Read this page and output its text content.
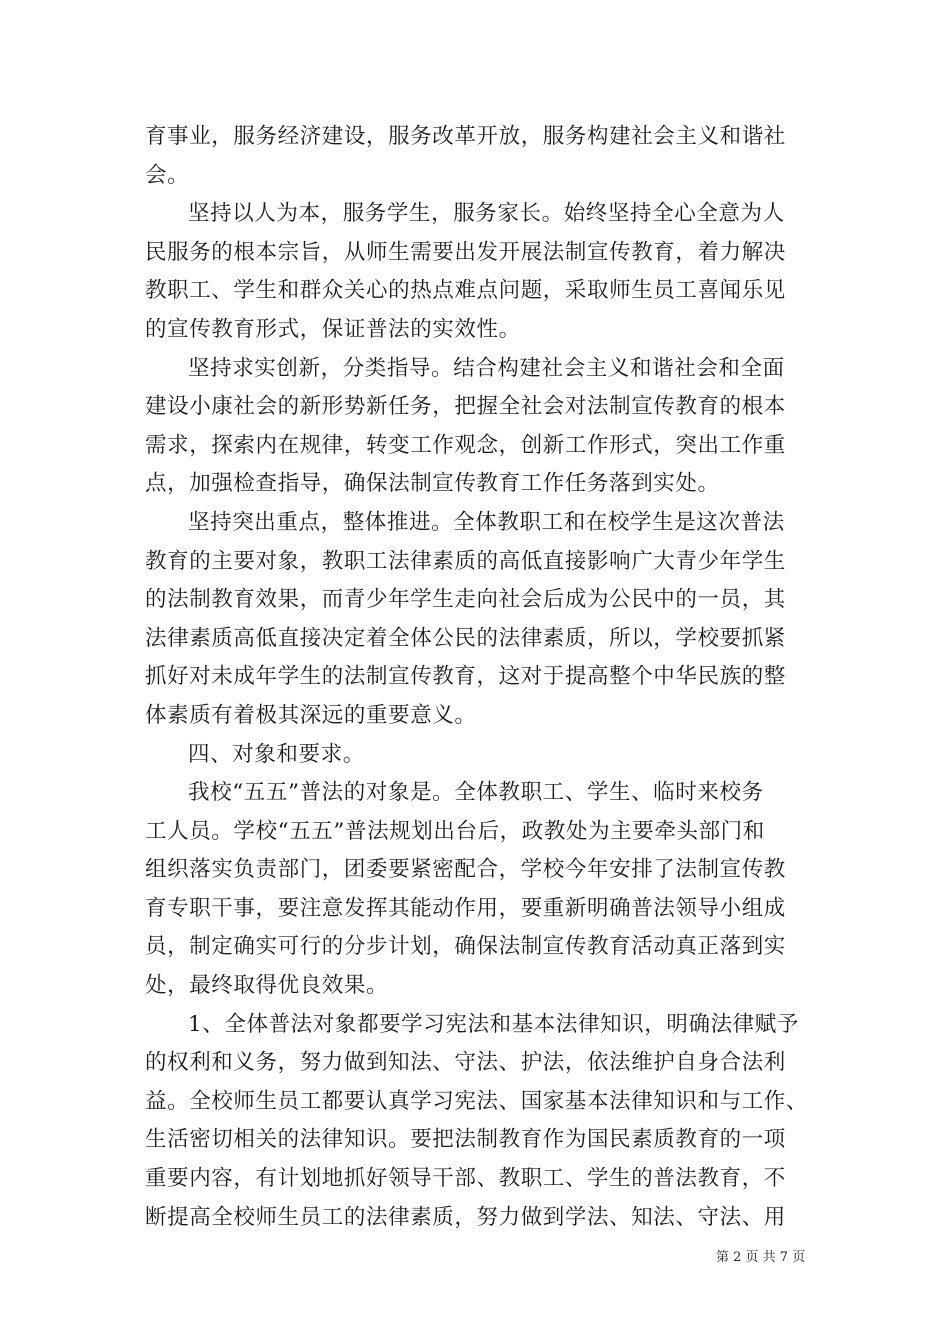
育事业，服务经济建设，服务改革开放，服务构建社会主义和谐社
会。
坚持以人为本，服务学生，服务家长。始终坚持全心全意为人
民服务的根本宗旨，从师生需要出发开展法制宣传教育，着力解决
教职工、学生和群众关心的热点难点问题，采取师生员工喜闻乐见
的宣传教育形式，保证普法的实效性。
坚持求实创新，分类指导。结合构建社会主义和谐社会和全面
建设小康社会的新形势新任务，把握全社会对法制宣传教育的根本
需求，探索内在规律，转变工作观念，创新工作形式，突出工作重
点，加强检查指导，确保法制宣传教育工作任务落到实处。
坚持突出重点，整体推进。全体教职工和在校学生是这次普法
教育的主要对象，教职工法律素质的高低直接影响广大青少年学生
的法制教育效果，而青少年学生走向社会后成为公民中的一员，其
法律素质高低直接决定着全体公民的法律素质，所以，学校要抓紧
抓好对未成年学生的法制宣传教育，这对于提高整个中华民族的整
体素质有着极其深远的重要意义。
四、对象和要求。
我校“五五”普法的对象是。全体教职工、学生、临时来校务
工人员。学校“五五”普法规划出台后，政教处为主要牵头部门和
组织落实负责部门，团委要紧密配合，学校今年安排了法制宣传教
育专职干事，要注意发挥其能动作用，要重新明确普法领导小组成
员，制定确实可行的分步计划，确保法制宣传教育活动真正落到实
处，最终取得优良效果。
1、全体普法对象都要学习宪法和基本法律知识，明确法律赋予
的权利和义务，努力做到知法、守法、护法，依法维护自身合法利
益。全校师生员工都要认真学习宪法、国家基本法律知识和与工作、
生活密切相关的法律知识。要把法制教育作为国民素质教育的一项
重要内容，有计划地抓好领导干部、教职工、学生的普法教育，不
断提高全校师生员工的法律素质，努力做到学法、知法、守法、用
第 2 页 共 7 页
